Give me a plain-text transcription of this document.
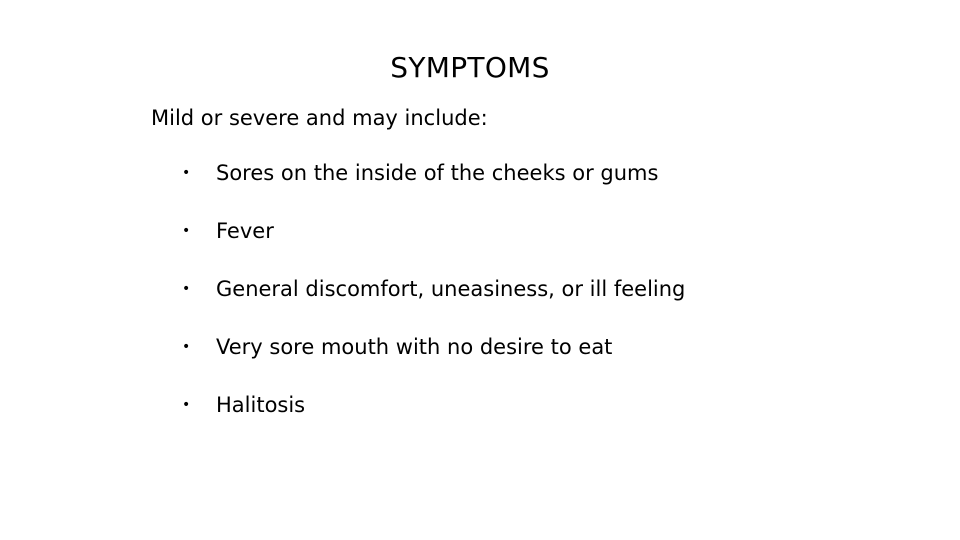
SYMPTOMS
Mild or severe and may include:
•	Sores on the inside of the cheeks or gums
•	Fever
•	General discomfort, uneasiness, or ill feeling
•	Very sore mouth with no desire to eat
•	Halitosis
